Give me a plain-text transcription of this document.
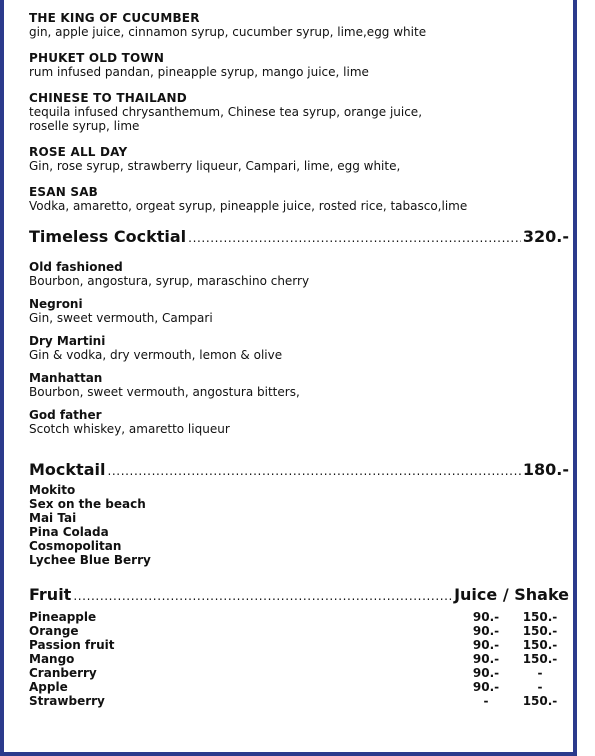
THE KING OF CUCUMBER
gin, apple juice, cinnamon syrup, cucumber syrup, lime,egg white
PHUKET OLD TOWN
rum infused pandan, pineapple syrup, mango juice, lime
CHINESE TO THAILAND
tequila infused chrysanthemum, Chinese tea syrup, orange juice,
roselle syrup, lime
ROSE ALL DAY
Gin, rose syrup, strawberry liqueur, Campari, lime, egg white,
ESAN SAB
Vodka, amaretto, orgeat syrup, pineapple juice, rosted rice, tabasco,lime
Timeless Cocktial .....	320.-
Old fashioned
Bourbon, angostura, syrup, maraschino cherry
Negroni
Gin, sweet vermouth, Campari
Dry Martini
Gin & vodka, dry vermouth, lemon & olive
Manhattan
Bourbon, sweet vermouth, angostura bitters,
God father
Scotch whiskey, amaretto liqueur
Mocktail .....	180.-
Mokito
Sex on the beach
Mai Tai
Pina Colada
Cosmopolitan
Lychee Blue Berry
Fruit .....	Juice / Shake
Pineapple	90.-	150.-
Orange	90.-	150.-
Passion fruit	90.-	150.-
Mango	90.-	150.-
Cranberry	90.-	-
Apple	90.-	-
Strawberry	-	150.-
